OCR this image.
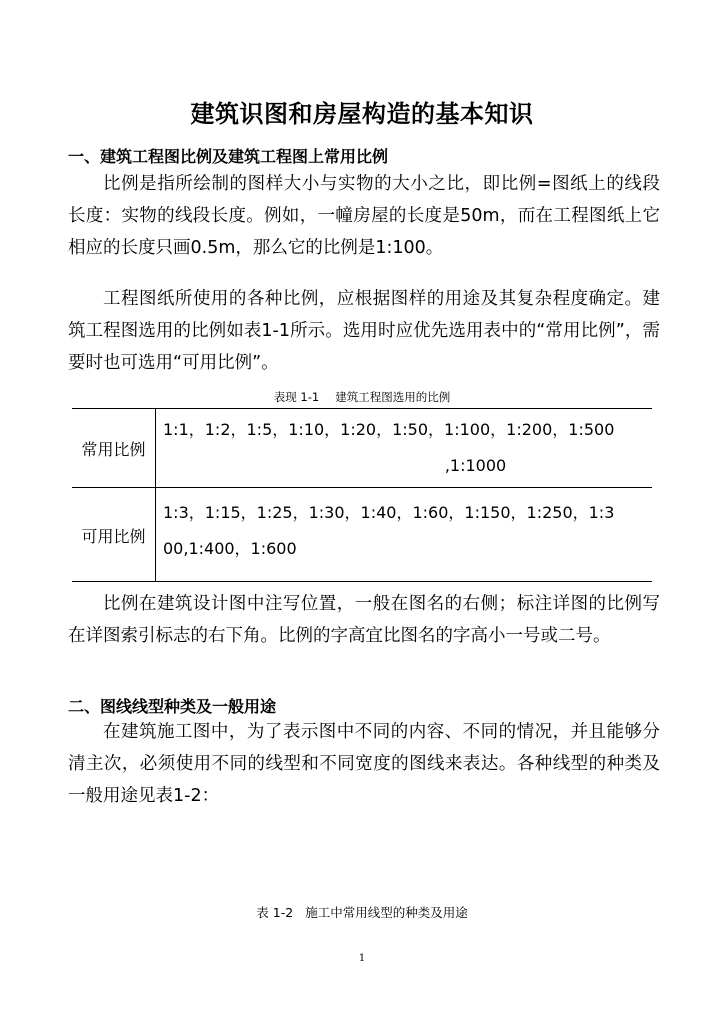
建筑识图和房屋构造的基本知识
一、建筑工程图比例及建筑工程图上常用比例

比例是指所绘制的图样大小与实物的大小之比，即比例=图纸上的线段长度：实物的线段长度。例如，一幢房屋的长度是50m，而在工程图纸上它相应的长度只画0.5m，那么它的比例是1:100。

工程图纸所使用的各种比例，应根据图样的用途及其复杂程度确定。建筑工程图选用的比例如表1-1所示。选用时应优先选用表中的“常用比例”，需要时也可选用“可用比例”。

表现 1-1 建筑工程图选用的比例
常用比例
1:1，1:2，1:5，1:10，1:20，1:50，1:100，1:200，1:500
,1:1000
可用比例
1:3，1:15，1:25，1:30，1:40，1:60，1:150，1:250，1:3
00,1:400，1:600

比例在建筑设计图中注写位置，一般在图名的右侧；标注详图的比例写在详图索引标志的右下角。比例的字高宜比图名的字高小一号或二号。

二、图线线型种类及一般用途

在建筑施工图中，为了表示图中不同的内容、不同的情况，并且能够分清主次，必须使用不同的线型和不同宽度的图线来表达。各种线型的种类及一般用途见表1-2：

表 1-2 施工中常用线型的种类及用途
1
